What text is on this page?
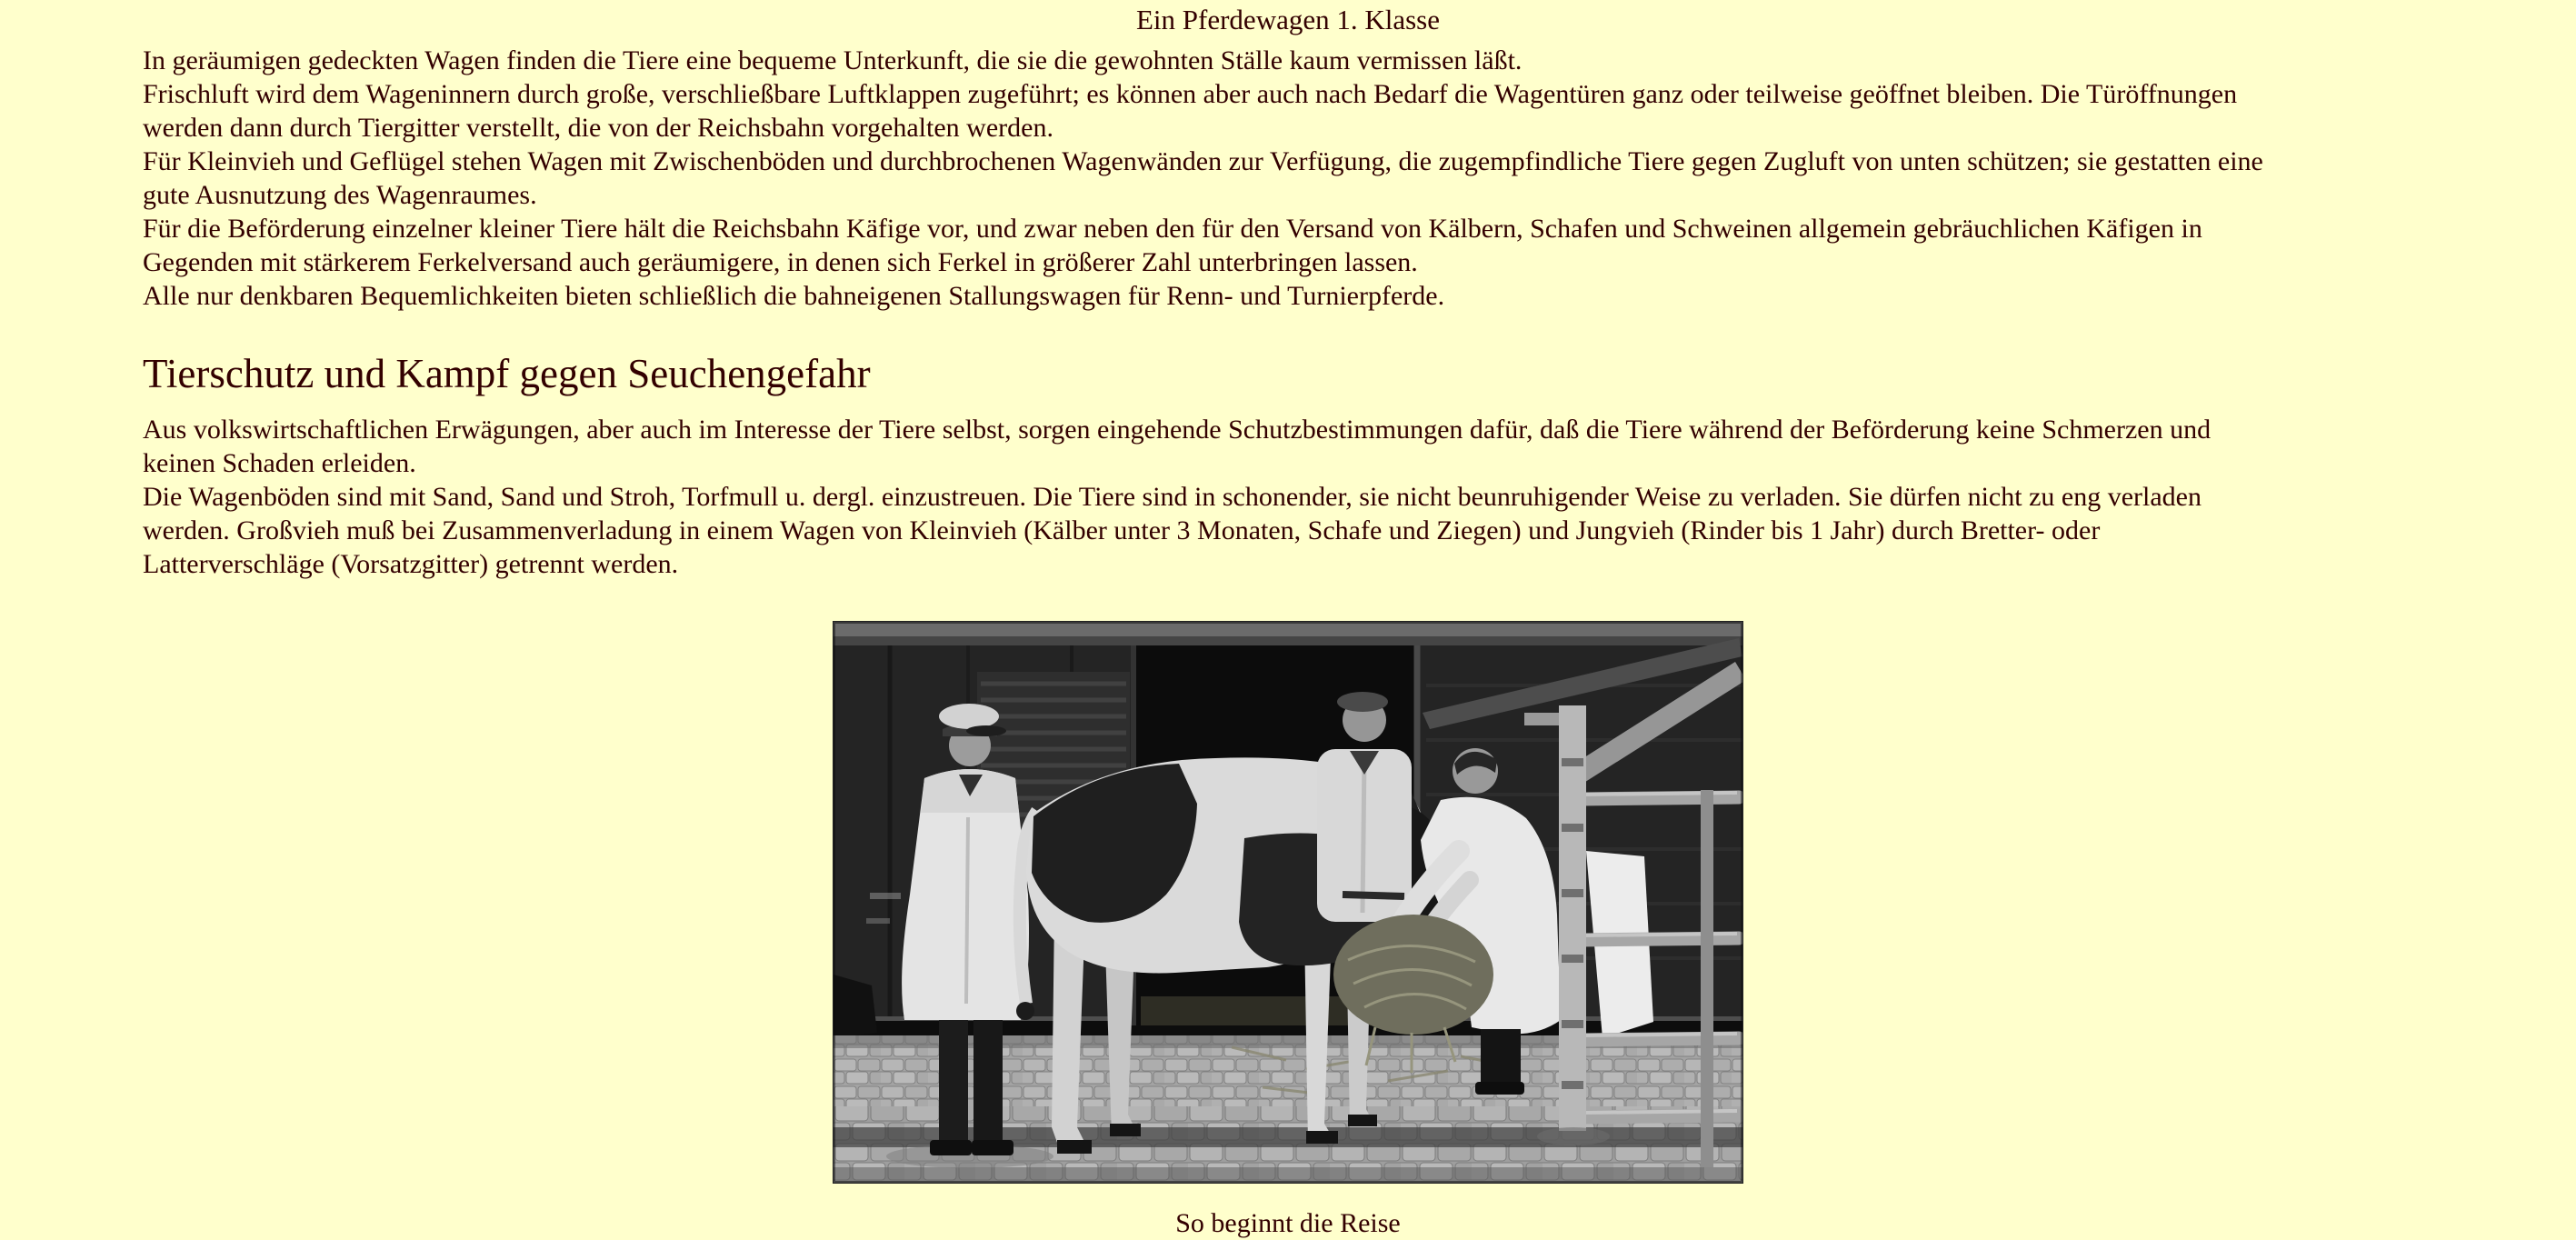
Ein Pferdewagen 1. Klasse
In geräumigen gedeckten Wagen finden die Tiere eine bequeme Unterkunft, die sie die gewohnten Ställe kaum vermissen läßt.
Frischluft wird dem Wageninnern durch große, verschließbare Luftklappen zugeführt; es können aber auch nach Bedarf die Wagentüren ganz oder teilweise geöffnet bleiben. Die Türöffnungen
werden dann durch Tiergitter verstellt, die von der Reichsbahn vorgehalten werden.
Für Kleinvieh und Geflügel stehen Wagen mit Zwischenböden und durchbrochenen Wagenwänden zur Verfügung, die zugempfindliche Tiere gegen Zugluft von unten schützen; sie gestatten eine
gute Ausnutzung des Wagenraumes.
Für die Beförderung einzelner kleiner Tiere hält die Reichsbahn Käfige vor, und zwar neben den für den Versand von Kälbern, Schafen und Schweinen allgemein gebräuchlichen Käfigen in
Gegenden mit stärkerem Ferkelversand auch geräumigere, in denen sich Ferkel in größerer Zahl unterbringen lassen.
Alle nur denkbaren Bequemlichkeiten bieten schließlich die bahneigenen Stallungswagen für Renn- und Turnierpferde.
Tierschutz und Kampf gegen Seuchengefahr
Aus volkswirtschaftlichen Erwägungen, aber auch im Interesse der Tiere selbst, sorgen eingehende Schutzbestimmungen dafür, daß die Tiere während der Beförderung keine Schmerzen und
keinen Schaden erleiden.
Die Wagenböden sind mit Sand, Sand und Stroh, Torfmull u. dergl. einzustreuen. Die Tiere sind in schonender, sie nicht beunruhigender Weise zu verladen. Sie dürfen nicht zu eng verladen
werden. Großvieh muß bei Zusammenverladung in einem Wagen von Kleinvieh (Kälber unter 3 Monaten, Schafe und Ziegen) und Jungvieh (Rinder bis 1 Jahr) durch Bretter- oder
Latterverschläge (Vorsatzgitter) getrennt werden.
So beginnt die Reise
